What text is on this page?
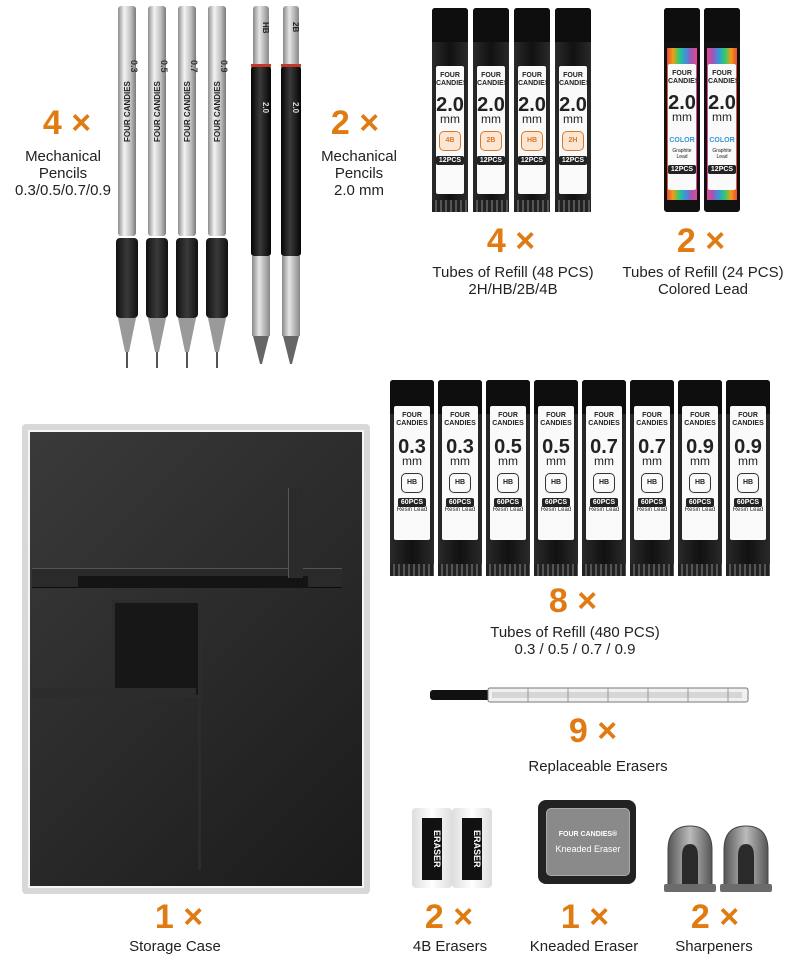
4 ×
Mechanical
Pencils
0.3/0.5/0.7/0.9
0.3 0.5 0.7 0.9
FOUR CANDIES	FOUR CANDIES	FOUR CANDIES	FOUR CANDIES	2.0	2.0
HB	2B
2 ×
Mechanical
Pencils
2.0 mm
FOUR
CANDIES
2.0
mm
4B
12PCS
FOUR
CANDIES
2.0
mm
2B
12PCS
FOUR
CANDIES
2.0
mm
HB
12PCS
FOUR
CANDIES
2.0
mm
2H
12PCS
4 ×
Tubes of Refill (48 PCS)
2H/HB/2B/4B
FOUR
CANDIES
2.0
mm
COLOR
Graphite Lead
12PCS
FOUR
CANDIES
2.0
mm
COLOR
Graphite Lead
12PCS
2 ×
Tubes of Refill (24 PCS)
Colored Lead
FOUR
CANDIES
0.3
mm
HB
60PCS
Resin Lead
FOUR
CANDIES
0.3
mm
HB
60PCS
Resin Lead
FOUR
CANDIES
0.5
mm
HB
60PCS
Resin Lead
FOUR
CANDIES
0.5
mm
HB
60PCS
Resin Lead
FOUR
CANDIES
0.7
mm
HB
60PCS
Resin Lead
FOUR
CANDIES
0.7
mm
HB
60PCS
Resin Lead
FOUR
CANDIES
0.9
mm
HB
60PCS
Resin Lead
FOUR
CANDIES
0.9
mm
HB
60PCS
Resin Lead
8 ×
Tubes of Refill (480 PCS)
0.3 / 0.5 / 0.7 / 0.9
9 ×
Replaceable Erasers
1 ×
Storage Case
ERASER	ERASER
2 ×
4B Erasers
FOUR CANDIES®
Kneaded Eraser
1 ×
Kneaded Eraser
2 ×
Sharpeners
